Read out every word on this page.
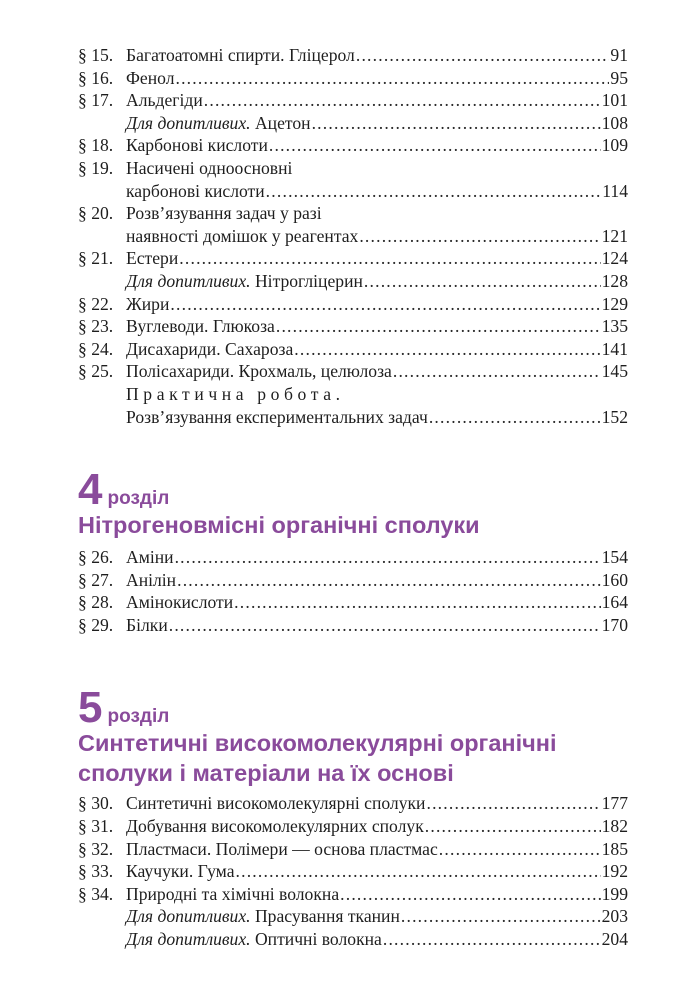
§ 15. Багатоатомні спирти. Гліцерол .....	91
§ 16. Фенол .....	95
§ 17. Альдегіди .....	101
Для допитливих. Ацетон .....	108
§ 18. Карбонові кислоти .....	109
§ 19. Насичені одноосновні
карбонові кислоти .....	114
§ 20. Розв’язування задач у разі
наявності домішок у реагентах .....	121
§ 21. Естери .....	124
Для допитливих. Нітрогліцерин .....	128
§ 22. Жири .....	129
§ 23. Вуглеводи. Глюкоза .....	135
§ 24. Дисахариди. Сахароза .....	141
§ 25. Полісахариди. Крохмаль, целюлоза .....	145
Практична робота.
Розв’язування експериментальних задач .....	152
4 розділ
Нітрогеновмісні органічні сполуки
§ 26. Аміни .....	154
§ 27. Анілін .....	160
§ 28. Амінокислоти .....	164
§ 29. Білки .....	170
5 розділ
Синтетичні високомолекулярні органічні
сполуки і матеріали на їх основі
§ 30. Синтетичні високомолекулярні сполуки .....	177
§ 31. Добування високомолекулярних сполук .....	182
§ 32. Пластмаси. Полімери — основа пластмас .....	185
§ 33. Каучуки. Гума .....	192
§ 34. Природні та хімічні волокна .....	199
Для допитливих. Прасування тканин .....	203
Для допитливих. Оптичні волокна .....	204
